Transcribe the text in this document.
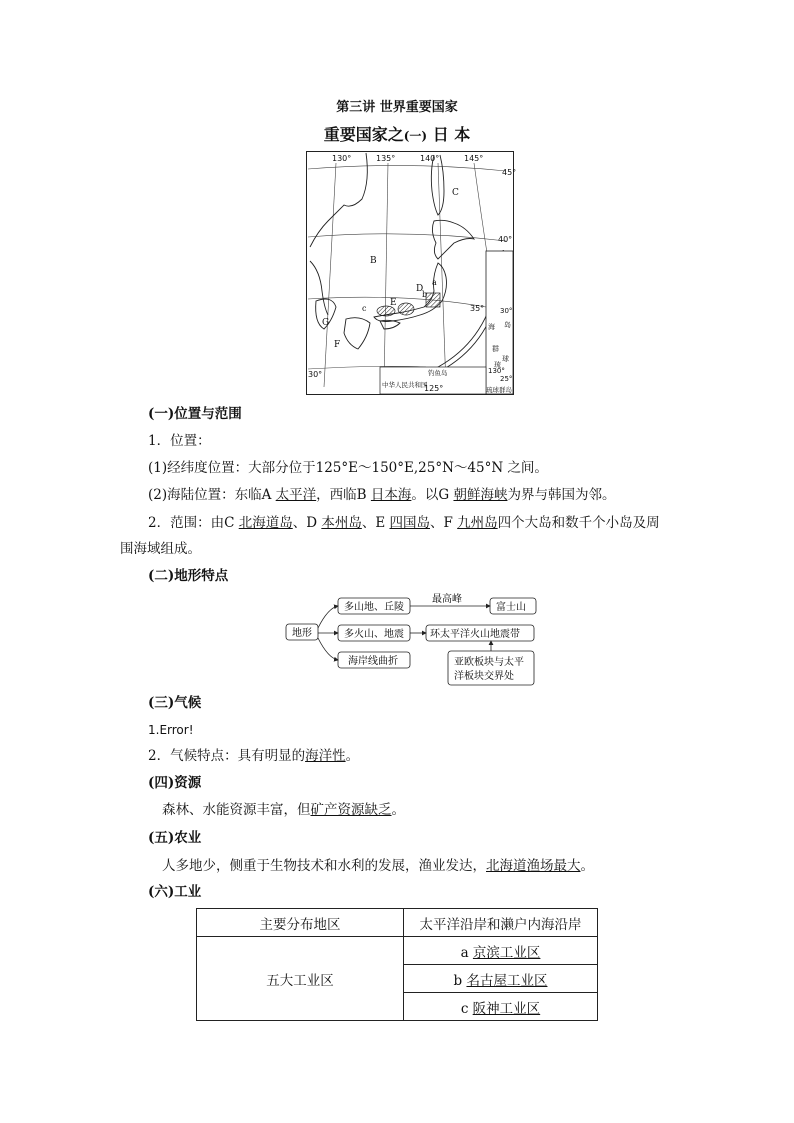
第三讲 世界重要国家
重要国家之(一) 日 本
130°	135°	140°	145°
45°
40°
35°
30°
C
B
D
E
F
G
a
b
c	30°
130°
25°
海 岛
群
球
琉
琉球群岛
中华人民共和国
钓鱼岛
125°
(一)位置与范围
1．位置：
(1)经纬度位置：大部分位于125°E～150°E,25°N～45°N 之间。
(2)海陆位置：东临A 太平洋，西临B 日本海。以G 朝鲜海峡为界与韩国为邻。
2．范围：由C 北海道岛、D 本州岛、E 四国岛、F 九州岛四个大岛和数千个小岛及周
围海域组成。
(二)地形特点
地形
多山地、丘陵
最高峰
富士山
多火山、地震	环太平洋火山地震带
海岸线曲折	亚欧板块与太平
洋板块交界处
(三)气候
1.Error!
2．气候特点：具有明显的海洋性。
(四)资源
森林、水能资源丰富，但矿产资源缺乏。
(五)农业
人多地少，侧重于生物技术和水利的发展，渔业发达，北海道渔场最大。
(六)工业
主要分布地区	太平洋沿岸和濑户内海沿岸
五大工业区	a 京滨工业区
	b 名古屋工业区
	c 阪神工业区
